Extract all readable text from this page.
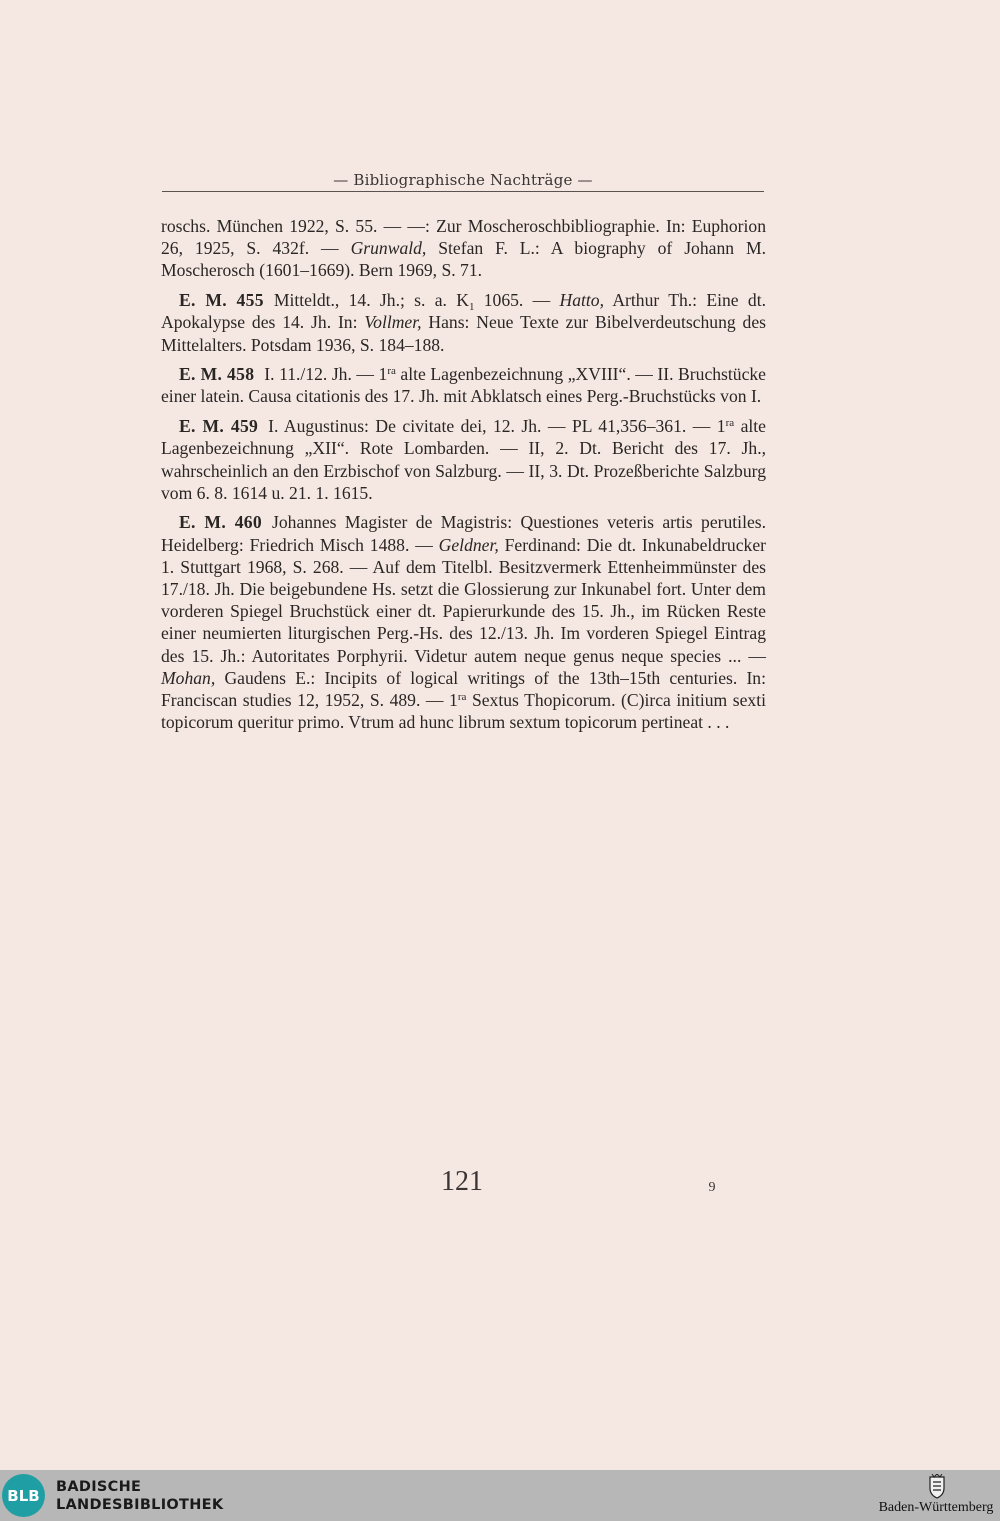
— Bibliographische Nachträge —

roschs. München 1922, S. 55. — —: Zur Moscheroschbibliographie. In: Euphorion 26, 1925, S. 432f. — Grunwald, Stefan F. L.: A biography of Johann M. Moscherosch (1601–1669). Bern 1969, S. 71.

E. M. 455 Mitteldt., 14. Jh.; s. a. $K_1$ 1065. — Hatto, Arthur Th.: Eine dt. Apokalypse des 14. Jh. In: Vollmer, Hans: Neue Texte zur Bibelverdeutschung des Mittelalters. Potsdam 1936, S. 184–188.

E. M. 458 I. 11./12. Jh. — $1^{ra}$ alte Lagenbezeichnung „XVIII“. — II. Bruchstücke einer latein. Causa citationis des 17. Jh. mit Abklatsch eines Perg.-Bruchstücks von I.

E. M. 459 I. Augustinus: De civitate dei, 12. Jh. — PL 41,356–361. — $1^{ra}$ alte Lagenbezeichnung „XII“. Rote Lombarden. — II, 2. Dt. Bericht des 17. Jh., wahrscheinlich an den Erzbischof von Salzburg. — II, 3. Dt. Prozeßberichte Salzburg vom 6. 8. 1614 u. 21. 1. 1615.

E. M. 460 Johannes Magister de Magistris: Questiones veteris artis perutiles. Heidelberg: Friedrich Misch 1488. — Geldner, Ferdinand: Die dt. Inkunabeldrucker 1. Stuttgart 1968, S. 268. — Auf dem Titelbl. Besitzvermerk Ettenheimmünster des 17./18. Jh. Die beigebundene Hs. setzt die Glossierung zur Inkunabel fort. Unter dem vorderen Spiegel Bruchstück einer dt. Papierurkunde des 15. Jh., im Rücken Reste einer neumierten liturgischen Perg.-Hs. des 12./13. Jh. Im vorderen Spiegel Eintrag des 15. Jh.: Autoritates Porphyrii. Videtur autem neque genus neque species ... — Mohan, Gaudens E.: Incipits of logical writings of the 13th–15th centuries. In: Franciscan studies 12, 1952, S. 489. — $1^{ra}$ Sextus Thopicorum. (C)irca initium sexti topicorum queritur primo. Vtrum ad hunc librum sextum topicorum pertineat . . .

121	9
BLB	BADISCHE
LANDESBIBLIOTHEK	Baden-Württemberg
